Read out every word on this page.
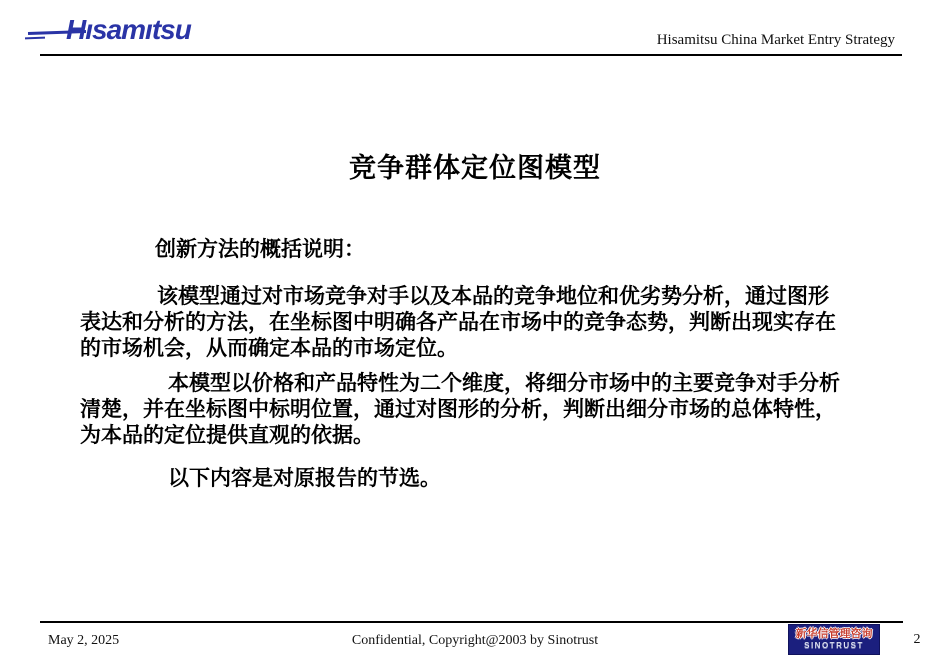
Hısamıtsu	Hisamitsu China Market Entry Strategy
竞争群体定位图模型
创新方法的概括说明：
该模型通过对市场竞争对手以及本品的竞争地位和优劣势分析，通过图形
表达和分析的方法，在坐标图中明确各产品在市场中的竞争态势，判断出现实存在
的市场机会，从而确定本品的市场定位。
本模型以价格和产品特性为二个维度，将细分市场中的主要竞争对手分析
清楚，并在坐标图中标明位置，通过对图形的分析，判断出细分市场的总体特性，
为本品的定位提供直观的依据。
以下内容是对原报告的节选。
May 2, 2025	Confidential, Copyright@2003 by Sinotrust	新华信管理咨询
SINOTRUST	2
